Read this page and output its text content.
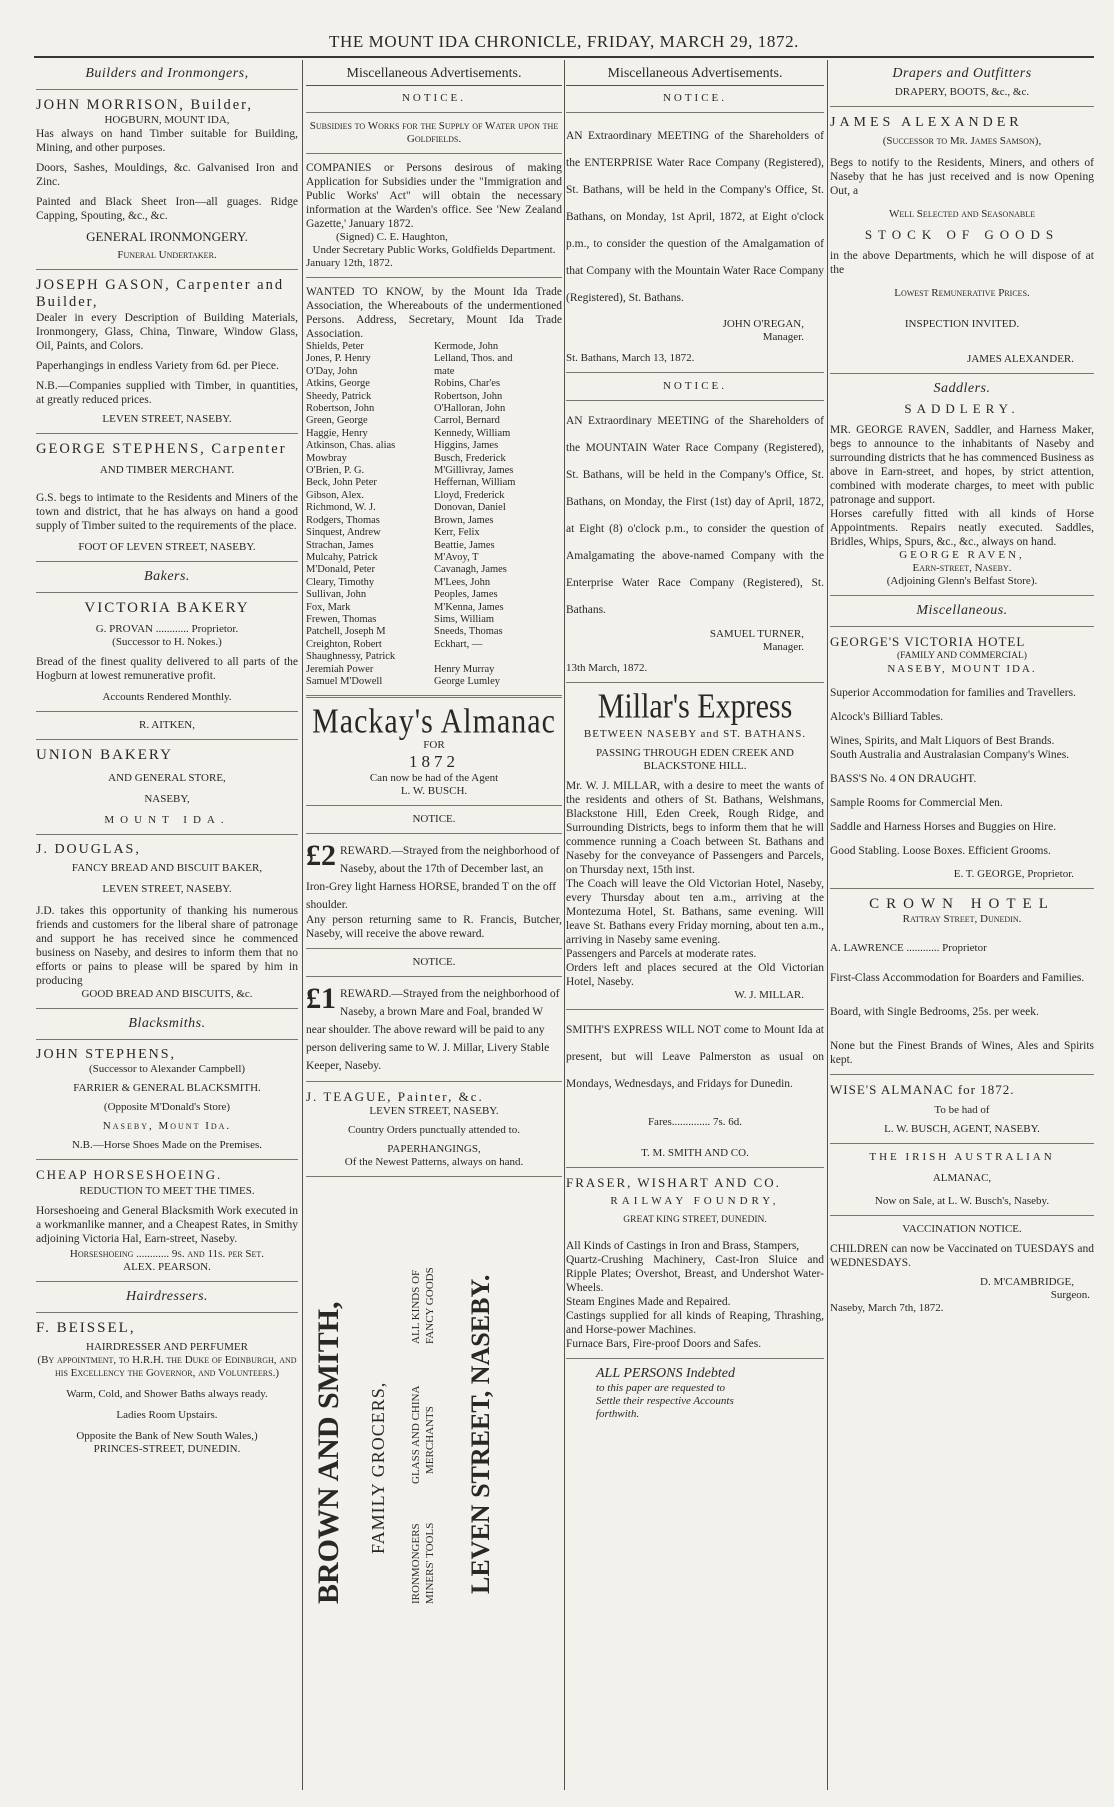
THE MOUNT IDA CHRONICLE, FRIDAY, MARCH 29, 1872.
Builders and Ironmongers,
JOHN MORRISON, Builder,
HOGBURN, MOUNT IDA,
Has always on hand Timber suitable for Building, Mining, and other purposes.
Doors, Sashes, Mouldings, &c. Galvanised Iron and Zinc.
Painted and Black Sheet Iron—all guages. Ridge Capping, Spouting, &c., &c.
GENERAL IRONMONGERY.
Funeral Undertaker.
JOSEPH GASON, Carpenter and Builder,
Dealer in every Description of Building Materials, Ironmongery, Glass, China, Tinware, Window Glass, Oil, Paints, and Colors.
Paperhangings in endless Variety from 6d. per Piece.
N.B.—Companies supplied with Timber, in quantities, at greatly reduced prices.
LEVEN STREET, NASEBY.
GEORGE STEPHENS, Carpenter
AND TIMBER MERCHANT.
G.S. begs to intimate to the Residents and Miners of the town and district, that he has always on hand a good supply of Timber suited to the requirements of the place.
FOOT OF LEVEN STREET, NASEBY.
Bakers.
VICTORIA BAKERY
G. PROVAN ............ Proprietor.
(Successor to H. Nokes.)
Bread of the finest quality delivered to all parts of the Hogburn at lowest remunerative profit.
Accounts Rendered Monthly.
R. AITKEN,
UNION BAKERY
AND GENERAL STORE,
NASEBY,
MOUNT IDA.
J. DOUGLAS,
FANCY BREAD AND BISCUIT BAKER,
LEVEN STREET, NASEBY.
J.D. takes this opportunity of thanking his numerous friends and customers for the liberal share of patronage and support he has received since he commenced business on Naseby, and desires to inform them that no efforts or pains to please will be spared by him in producing
GOOD BREAD AND BISCUITS, &c.
Blacksmiths.
JOHN STEPHENS,
(Successor to Alexander Campbell)
FARRIER & GENERAL BLACKSMITH.
(Opposite M'Donald's Store)
Naseby, Mount Ida.
N.B.—Horse Shoes Made on the Premises.
CHEAP HORSESHOEING.
REDUCTION TO MEET THE TIMES.
Horseshoeing and General Blacksmith Work executed in a workmanlike manner, and a Cheapest Rates, in Smithy adjoining Victoria Hal, Earn-street, Naseby.
Horseshoeing ............ 9s. and 11s. per Set.
ALEX. PEARSON.
Hairdressers.
F. BEISSEL,
HAIRDRESSER AND PERFUMER
(By appointment, to H.R.H. the Duke of Edinburgh, and his Excellency the Governor, and Volunteers.)
Warm, Cold, and Shower Baths always ready.
Ladies Room Upstairs.
Opposite the Bank of New South Wales,)
PRINCES-STREET, DUNEDIN.
Miscellaneous Advertisements.
NOTICE.
Subsidies to Works for the Supply of Water upon the Goldfields.
COMPANIES or Persons desirous of making Application for Subsidies under the "Immigration and Public Works' Act" will obtain the necessary information at the Warden's office. See 'New Zealand Gazette,' January 1872.
(Signed) C. E. Haughton,
Under Secretary Public Works, Goldfields Department.
January 12th, 1872.
WANTED TO KNOW, by the Mount Ida Trade Association, the Whereabouts of the undermentioned Persons. Address, Secretary, Mount Ida Trade Association.
Shields, Peter
Jones, P. Henry
O'Day, John
Atkins, George
Sheedy, Patrick
Robertson, John
Green, George
Haggie, Henry
Atkinson, Chas. alias
Mowbray
O'Brien, P. G.
Beck, John Peter
Gibson, Alex.
Richmond, W. J.
Rodgers, Thomas
Sinquest, Andrew
Strachan, James
Mulcahy, Patrick
M'Donald, Peter
Cleary, Timothy
Sullivan, John
Fox, Mark
Frewen, Thomas
Patchell, Joseph M
Creighton, Robert
Shaughnessy, Patrick
Jeremiah Power
Samuel M'Dowell
Kermode, John
Lelland, Thos. and
mate
Robins, Char'es
Robertson, John
O'Halloran, John
Carrol, Bernard
Kennedy, William
Higgins, James
Busch, Frederick
M'Gillivray, James
Heffernan, William
Lloyd, Frederick
Donovan, Daniel
Brown, James
Kerr, Felix
Beattie, James
M'Avoy, T
Cavanagh, James
M'Lees, John
Peoples, James
M'Kenna, James
Sims, William
Sneeds, Thomas
Eckhart, —

Henry Murray
George Lumley
Mackay's Almanac
FOR
1872
Can now be had of the Agent
L. W. BUSCH.
NOTICE.
£2 REWARD.—Strayed from the neighborhood of Naseby, about the 17th of December last, an Iron-Grey light Harness HORSE, branded T on the off shoulder.
Any person returning same to R. Francis, Butcher, Naseby, will receive the above reward.
NOTICE.
£1 REWARD.—Strayed from the neighborhood of Naseby, a brown Mare and Foal, branded W near shoulder. The above reward will be paid to any person delivering same to W. J. Millar, Livery Stable Keeper, Naseby.
J. TEAGUE, Painter, &c.
LEVEN STREET, NASEBY.
Country Orders punctually attended to.
PAPERHANGINGS,
Of the Newest Patterns, always on hand.
BROWN AND SMITH, FAMILY GROCERS,
IRONMONGERS MINERS' TOOLS
GLASS AND CHINA MERCHANTS
ALL KINDS OF FANCY GOODS LEVEN STREET, NASEBY.
Miscellaneous Advertisements.
NOTICE.
AN Extraordinary MEETING of the Shareholders of the ENTERPRISE Water Race Company (Registered), St. Bathans, will be held in the Company's Office, St. Bathans, on Monday, 1st April, 1872, at Eight o'clock p.m., to consider the question of the Amalgamation of that Company with the Mountain Water Race Company (Registered), St. Bathans.
JOHN O'REGAN,
Manager.
St. Bathans, March 13, 1872.
NOTICE.
AN Extraordinary MEETING of the Shareholders of the MOUNTAIN Water Race Company (Registered), St. Bathans, will be held in the Company's Office, St. Bathans, on Monday, the First (1st) day of April, 1872, at Eight (8) o'clock p.m., to consider the question of Amalgamating the above-named Company with the Enterprise Water Race Company (Registered), St. Bathans.
SAMUEL TURNER,
Manager.
13th March, 1872.
Millar's Express
BETWEEN NASEBY and ST. BATHANS.
PASSING THROUGH EDEN CREEK AND BLACKSTONE HILL.
Mr. W. J. MILLAR, with a desire to meet the wants of the residents and others of St. Bathans, Welshmans, Blackstone Hill, Eden Creek, Rough Ridge, and Surrounding Districts, begs to inform them that he will commence running a Coach between St. Bathans and Naseby for the conveyance of Passengers and Parcels, on Thursday next, 15th inst.
The Coach will leave the Old Victorian Hotel, Naseby, every Thursday about ten a.m., arriving at the Montezuma Hotel, St. Bathans, same evening. Will leave St. Bathans every Friday morning, about ten a.m., arriving in Naseby same evening.
Passengers and Parcels at moderate rates.
Orders left and places secured at the Old Victorian Hotel, Naseby.
W. J. MILLAR.
SMITH'S EXPRESS WILL NOT come to Mount Ida at present, but will Leave Palmerston as usual on Mondays, Wednesdays, and Fridays for Dunedin.
Fares.............. 7s. 6d.
T. M. SMITH AND CO.
FRASER, WISHART AND CO.
RAILWAY FOUNDRY,
GREAT KING STREET, DUNEDIN.
All Kinds of Castings in Iron and Brass, Stampers,
Quartz-Crushing Machinery, Cast-Iron Sluice and Ripple Plates; Overshot, Breast, and Undershot Water-Wheels.
Steam Engines Made and Repaired.
Castings supplied for all kinds of Reaping, Thrashing, and Horse-power Machines.
Furnace Bars, Fire-proof Doors and Safes.
ALL PERSONS Indebted
to this paper are requested to
Settle their respective Accounts
forthwith.
Drapers and Outfitters
DRAPERY, BOOTS, &c., &c.
JAMES ALEXANDER
(Successor to Mr. James Samson),
Begs to notify to the Residents, Miners, and others of Naseby that he has just received and is now Opening Out, a
Well Selected and Seasonable
STOCK OF GOODS
in the above Departments, which he will dispose of at the
Lowest Remunerative Prices.
INSPECTION INVITED.
JAMES ALEXANDER.
Saddlers.
SADDLERY.
MR. GEORGE RAVEN, Saddler, and Harness Maker, begs to announce to the inhabitants of Naseby and surrounding districts that he has commenced Business as above in Earn-street, and hopes, by strict attention, combined with moderate charges, to meet with public patronage and support.
Horses carefully fitted with all kinds of Horse Appointments. Repairs neatly executed. Saddles, Bridles, Whips, Spurs, &c., &c., always on hand.
GEORGE RAVEN,
Earn-street, Naseby.
(Adjoining Glenn's Belfast Store).
Miscellaneous.
GEORGE'S VICTORIA HOTEL
(FAMILY AND COMMERCIAL)
NASEBY, MOUNT IDA.
Superior Accommodation for families and Travellers.
Alcock's Billiard Tables.
Wines, Spirits, and Malt Liquors of Best Brands.
South Australia and Australasian Company's Wines.
BASS'S No. 4 ON DRAUGHT.
Sample Rooms for Commercial Men.
Saddle and Harness Horses and Buggies on Hire.
Good Stabling. Loose Boxes. Efficient Grooms.
E. T. GEORGE, Proprietor.
CROWN HOTEL
Rattray Street, Dunedin.
A. LAWRENCE ............ Proprietor
First-Class Accommodation for Boarders and Families.
Board, with Single Bedrooms, 25s. per week.
None but the Finest Brands of Wines, Ales and Spirits kept.
WISE'S ALMANAC for 1872.
To be had of
L. W. BUSCH, AGENT, NASEBY.
THE IRISH AUSTRALIAN
ALMANAC,
Now on Sale, at L. W. Busch's, Naseby.
VACCINATION NOTICE.
CHILDREN can now be Vaccinated on TUESDAYS and WEDNESDAYS.
D. M'CAMBRIDGE,
Surgeon.
Naseby, March 7th, 1872.
